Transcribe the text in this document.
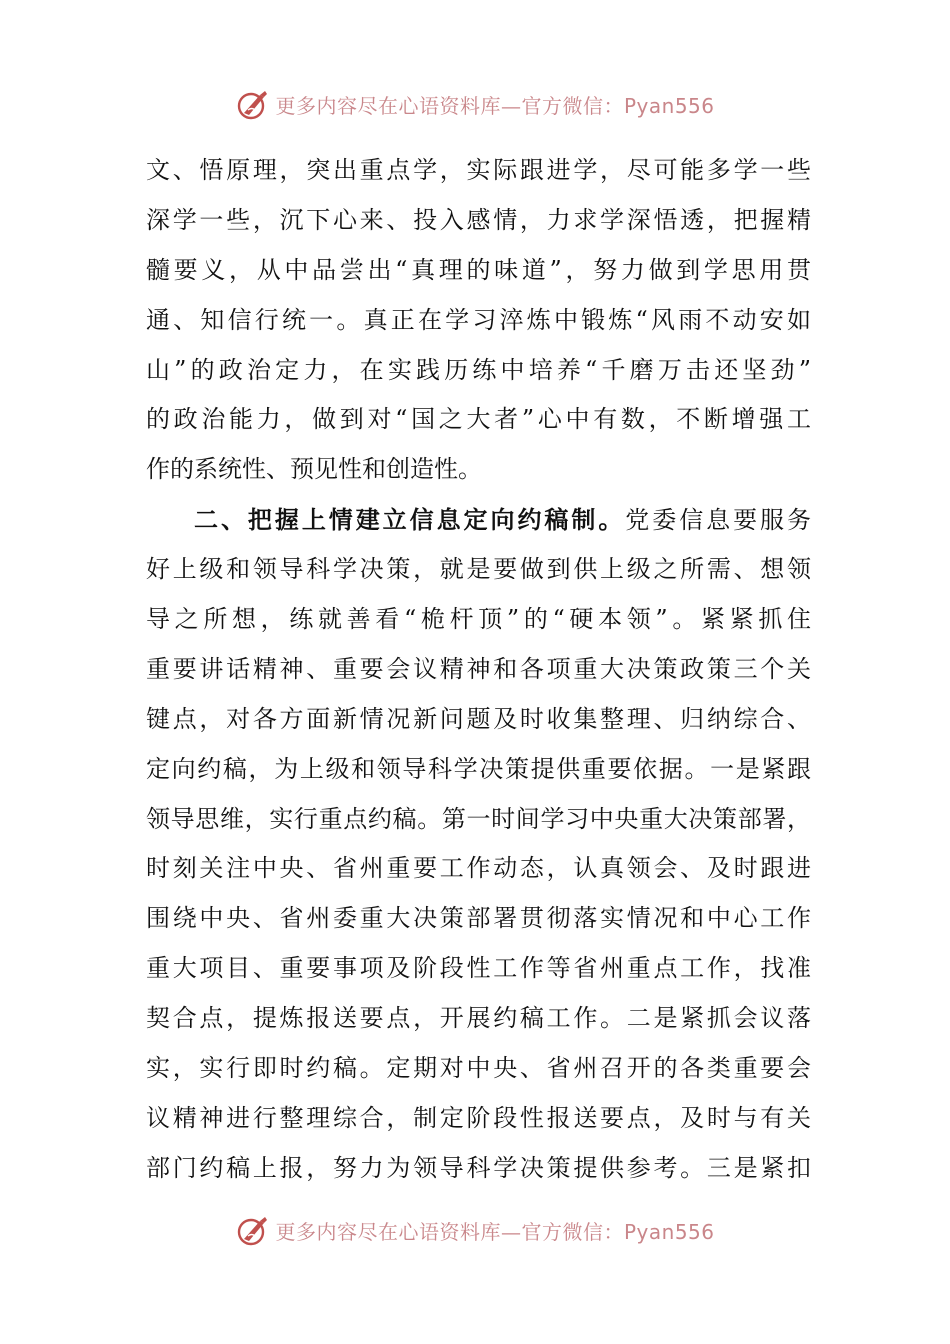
更多内容尽在心语资料库—官方微信：Pyan556
文、悟原理，突出重点学，实际跟进学，尽可能多学一些
深学一些，沉下心来、投入感情，力求学深悟透，把握精
髓要义，从中品尝出“真理的味道”，努力做到学思用贯
通、知信行统一。真正在学习淬炼中锻炼“风雨不动安如
山”的政治定力，在实践历练中培养“千磨万击还坚劲”
的政治能力，做到对“国之大者”心中有数，不断增强工
作的系统性、预见性和创造性。
二、把握上情建立信息定向约稿制。党委信息要服务
好上级和领导科学决策，就是要做到供上级之所需、想领
导之所想，练就善看“桅杆顶”的“硬本领”。紧紧抓住
重要讲话精神、重要会议精神和各项重大决策政策三个关
键点，对各方面新情况新问题及时收集整理、归纳综合、
定向约稿，为上级和领导科学决策提供重要依据。一是紧跟
领导思维，实行重点约稿。第一时间学习中央重大决策部署，
时刻关注中央、省州重要工作动态，认真领会、及时跟进
围绕中央、省州委重大决策部署贯彻落实情况和中心工作
重大项目、重要事项及阶段性工作等省州重点工作，找准
契合点，提炼报送要点，开展约稿工作。二是紧抓会议落
实，实行即时约稿。定期对中央、省州召开的各类重要会
议精神进行整理综合，制定阶段性报送要点，及时与有关
部门约稿上报，努力为领导科学决策提供参考。三是紧扣
更多内容尽在心语资料库—官方微信：Pyan556
